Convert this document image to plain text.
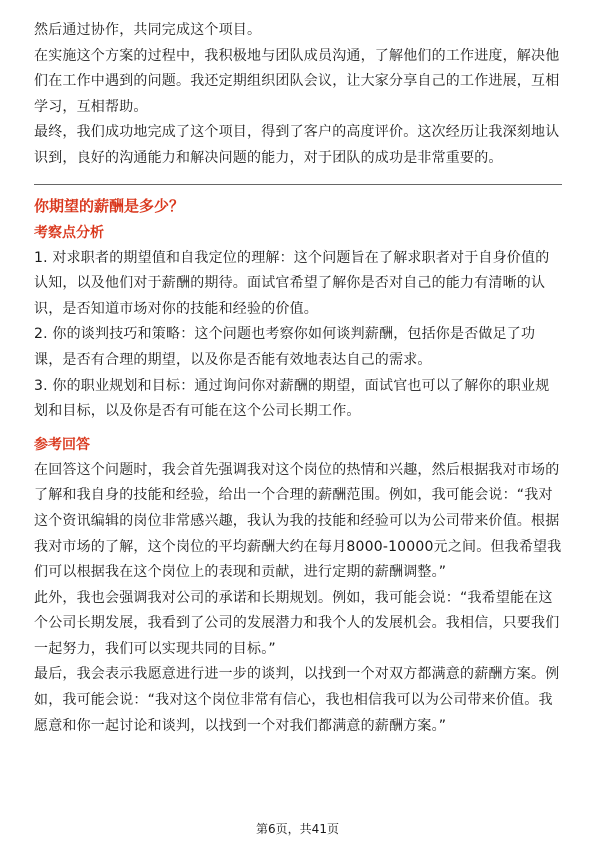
然后通过协作，共同完成这个项目。

在实施这个方案的过程中，我积极地与团队成员沟通，了解他们的工作进度，解决他们在工作中遇到的问题。我还定期组织团队会议，让大家分享自己的工作进展，互相学习，互相帮助。

最终，我们成功地完成了这个项目，得到了客户的高度评价。这次经历让我深刻地认识到，良好的沟通能力和解决问题的能力，对于团队的成功是非常重要的。

你期望的薪酬是多少？
考察点分析

1. 对求职者的期望值和自我定位的理解：这个问题旨在了解求职者对于自身价值的认知，以及他们对于薪酬的期待。面试官希望了解你是否对自己的能力有清晰的认识，是否知道市场对你的技能和经验的价值。

2. 你的谈判技巧和策略：这个问题也考察你如何谈判薪酬，包括你是否做足了功课，是否有合理的期望，以及你是否能有效地表达自己的需求。

3. 你的职业规划和目标：通过询问你对薪酬的期望，面试官也可以了解你的职业规划和目标，以及你是否有可能在这个公司长期工作。

参考回答

在回答这个问题时，我会首先强调我对这个岗位的热情和兴趣，然后根据我对市场的了解和我自身的技能和经验，给出一个合理的薪酬范围。例如，我可能会说：“我对这个资讯编辑的岗位非常感兴趣，我认为我的技能和经验可以为公司带来价值。根据我对市场的了解，这个岗位的平均薪酬大约在每月8000-10000元之间。但我希望我们可以根据我在这个岗位上的表现和贡献，进行定期的薪酬调整。”

此外，我也会强调我对公司的承诺和长期规划。例如，我可能会说：“我希望能在这个公司长期发展，我看到了公司的发展潜力和我个人的发展机会。我相信，只要我们一起努力，我们可以实现共同的目标。”

最后，我会表示我愿意进行进一步的谈判，以找到一个对双方都满意的薪酬方案。例如，我可能会说：“我对这个岗位非常有信心，我也相信我可以为公司带来价值。我愿意和你一起讨论和谈判，以找到一个对我们都满意的薪酬方案。”

第6页，共41页
